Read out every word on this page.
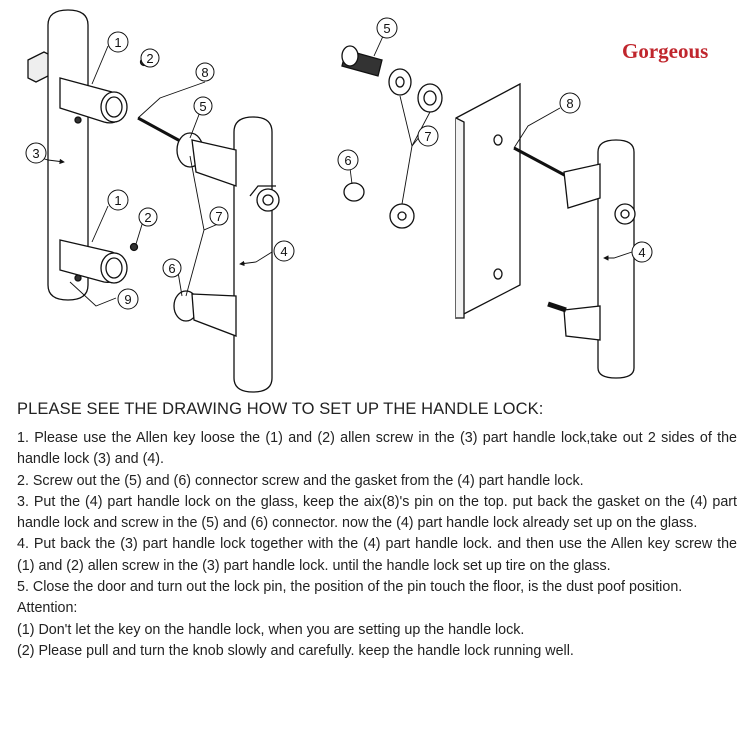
Gorgeous
1
2
8
5
3
1
2	7
4
6
9
5
8
7
6
4

PLEASE SEE THE DRAWING HOW TO SET UP THE HANDLE LOCK:

1. Please use the Allen key loose the (1) and (2) allen screw in the (3) part handle lock,take out 2 sides of the handle lock (3) and (4).

2. Screw out the (5) and (6) connector screw and the gasket from the (4) part handle lock.

3. Put the (4) part handle lock on the glass, keep the aix(8)'s pin on the top. put back the gasket on the (4) part handle lock and screw in the (5) and (6) connector. now the (4) part handle lock already set up on the glass.

4. Put back the (3) part handle lock together with the (4) part handle lock. and then use the Allen key screw the (1) and (2) allen screw in the (3) part handle lock. until the handle lock set up tire on the glass.

5. Close the door and turn out the lock pin, the position of the pin touch the floor, is the dust poof position.

Attention:

(1) Don't let the key on the handle lock, when you are setting up the handle lock.

(2) Please pull and turn the knob slowly and carefully. keep the handle lock running well.
